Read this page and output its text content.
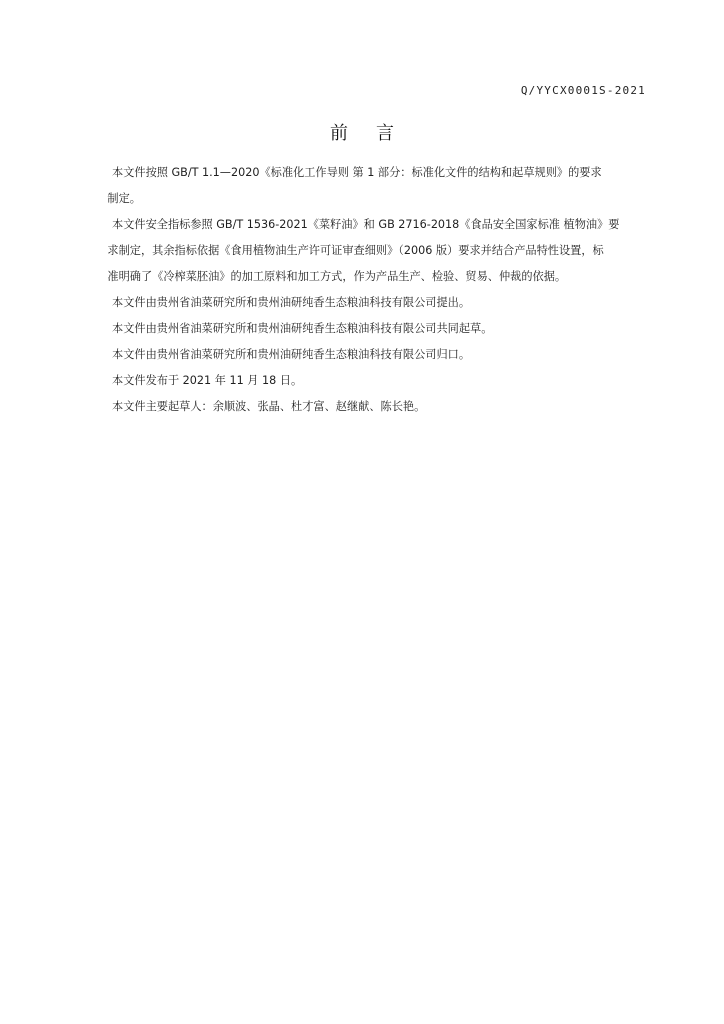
Q/YYCX0001S-2021
前言

本文件按照 GB/T 1.1—2020《标准化工作导则 第 1 部分：标准化文件的结构和起草规则》的要求
制定。

本文件安全指标参照 GB/T 1536-2021《菜籽油》和 GB 2716-2018《食品安全国家标准 植物油》要
求制定，其余指标依据《食用植物油生产许可证审查细则》（2006 版）要求并结合产品特性设置，标
准明确了《冷榨菜胚油》的加工原料和加工方式，作为产品生产、检验、贸易、仲裁的依据。

本文件由贵州省油菜研究所和贵州油研纯香生态粮油科技有限公司提出。

本文件由贵州省油菜研究所和贵州油研纯香生态粮油科技有限公司共同起草。

本文件由贵州省油菜研究所和贵州油研纯香生态粮油科技有限公司归口。

本文件发布于 2021 年 11 月 18 日。

本文件主要起草人：余顺波、张晶、杜才富、赵继献、陈长艳。
